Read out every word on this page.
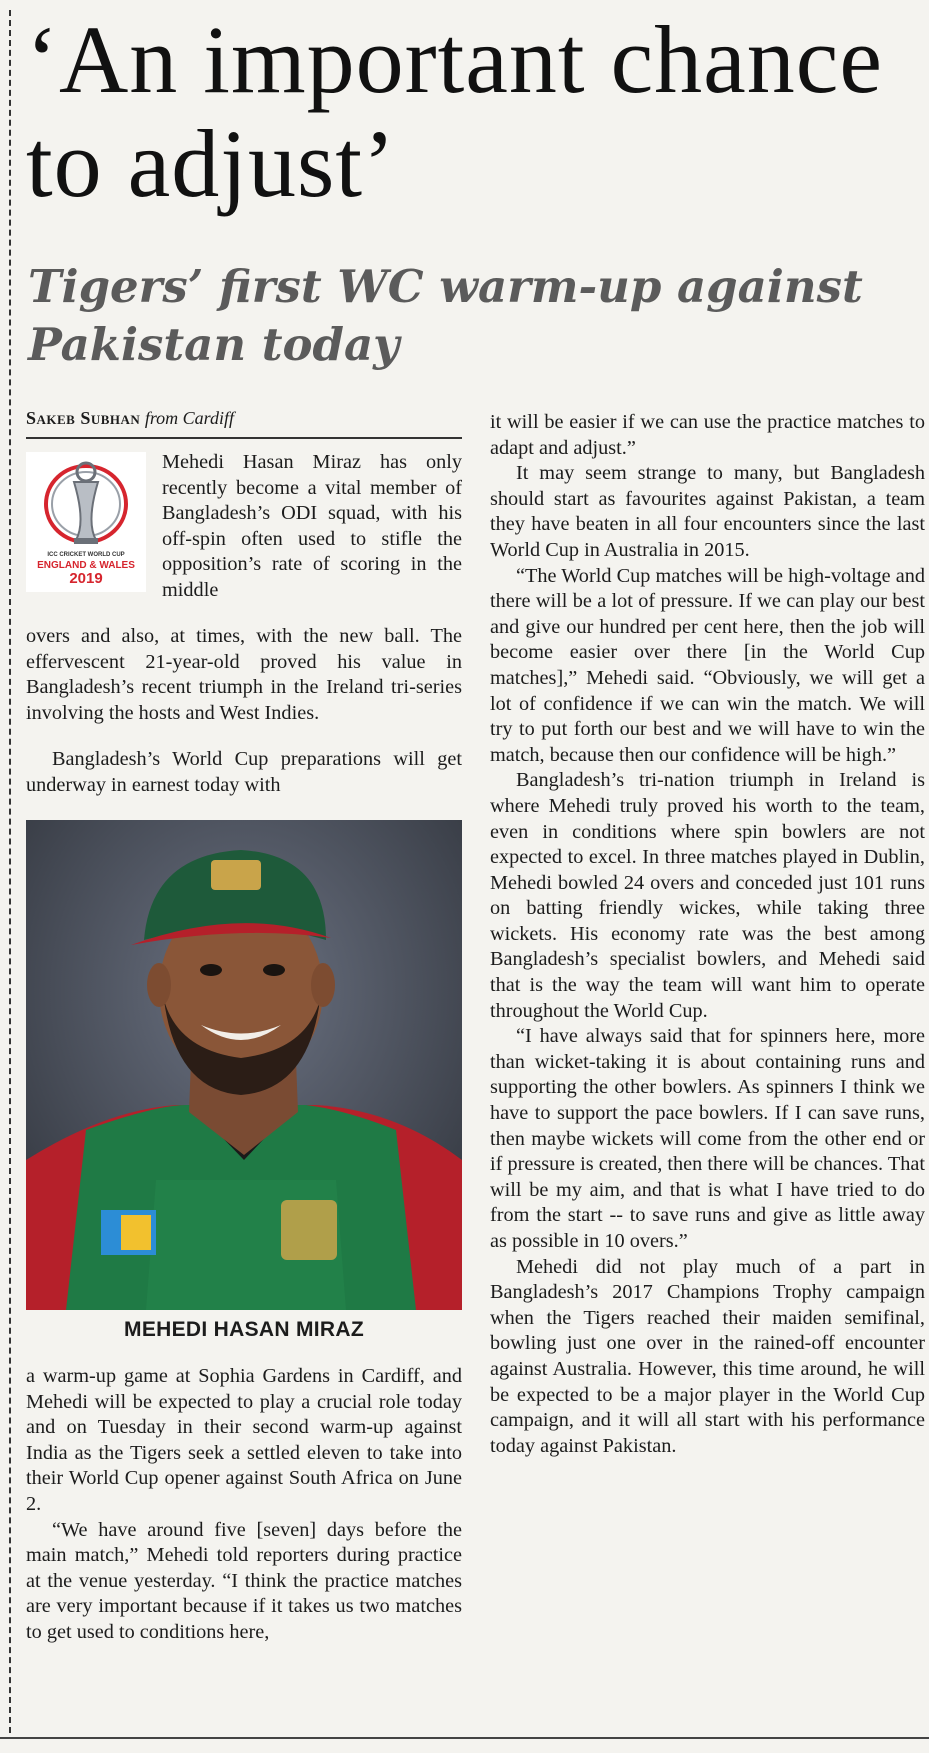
‘An important chance to adjust’
Tigers’ first WC warm-up against Pakistan today
Sakeb Subhan from Cardiff
ICC CRICKET WORLD CUP
ENGLAND & WALES
2019
Mehedi Hasan Miraz has only recently become a vital member of Bangladesh’s ODI squad, with his off-spin often used to stifle the opposition’s rate of scoring in the middle

overs and also, at times, with the new ball. The effervescent 21-year-old proved his value in Bangladesh’s recent triumph in the Ireland tri-series involving the hosts and West Indies.

Bangladesh’s World Cup preparations will get underway in earnest today with

MEHEDI HASAN MIRAZ

a warm-up game at Sophia Gardens in Cardiff, and Mehedi will be expected to play a crucial role today and on Tuesday in their second warm-up against India as the Tigers seek a settled eleven to take into their World Cup opener against South Africa on June 2.

“We have around five [seven] days before the main match,” Mehedi told reporters during practice at the venue yesterday. “I think the practice matches are very important because if it takes us two matches to get used to conditions here,

it will be easier if we can use the practice matches to adapt and adjust.”

It may seem strange to many, but Bangladesh should start as favourites against Pakistan, a team they have beaten in all four encounters since the last World Cup in Australia in 2015.

“The World Cup matches will be high-voltage and there will be a lot of pressure. If we can play our best and give our hundred per cent here, then the job will become easier over there [in the World Cup matches],” Mehedi said. “Obviously, we will get a lot of confidence if we can win the match. We will try to put forth our best and we will have to win the match, because then our confidence will be high.”

Bangladesh’s tri-nation triumph in Ireland is where Mehedi truly proved his worth to the team, even in conditions where spin bowlers are not expected to excel. In three matches played in Dublin, Mehedi bowled 24 overs and conceded just 101 runs on batting friendly wickes, while taking three wickets. His economy rate was the best among Bangladesh’s specialist bowlers, and Mehedi said that is the way the team will want him to operate throughout the World Cup.

“I have always said that for spinners here, more than wicket-taking it is about containing runs and supporting the other bowlers. As spinners I think we have to support the pace bowlers. If I can save runs, then maybe wickets will come from the other end or if pressure is created, then there will be chances. That will be my aim, and that is what I have tried to do from the start -- to save runs and give as little away as possible in 10 overs.”

Mehedi did not play much of a part in Bangladesh’s 2017 Champions Trophy campaign when the Tigers reached their maiden semifinal, bowling just one over in the rained-off encounter against Australia. However, this time around, he will be expected to be a major player in the World Cup campaign, and it will all start with his performance today against Pakistan.
